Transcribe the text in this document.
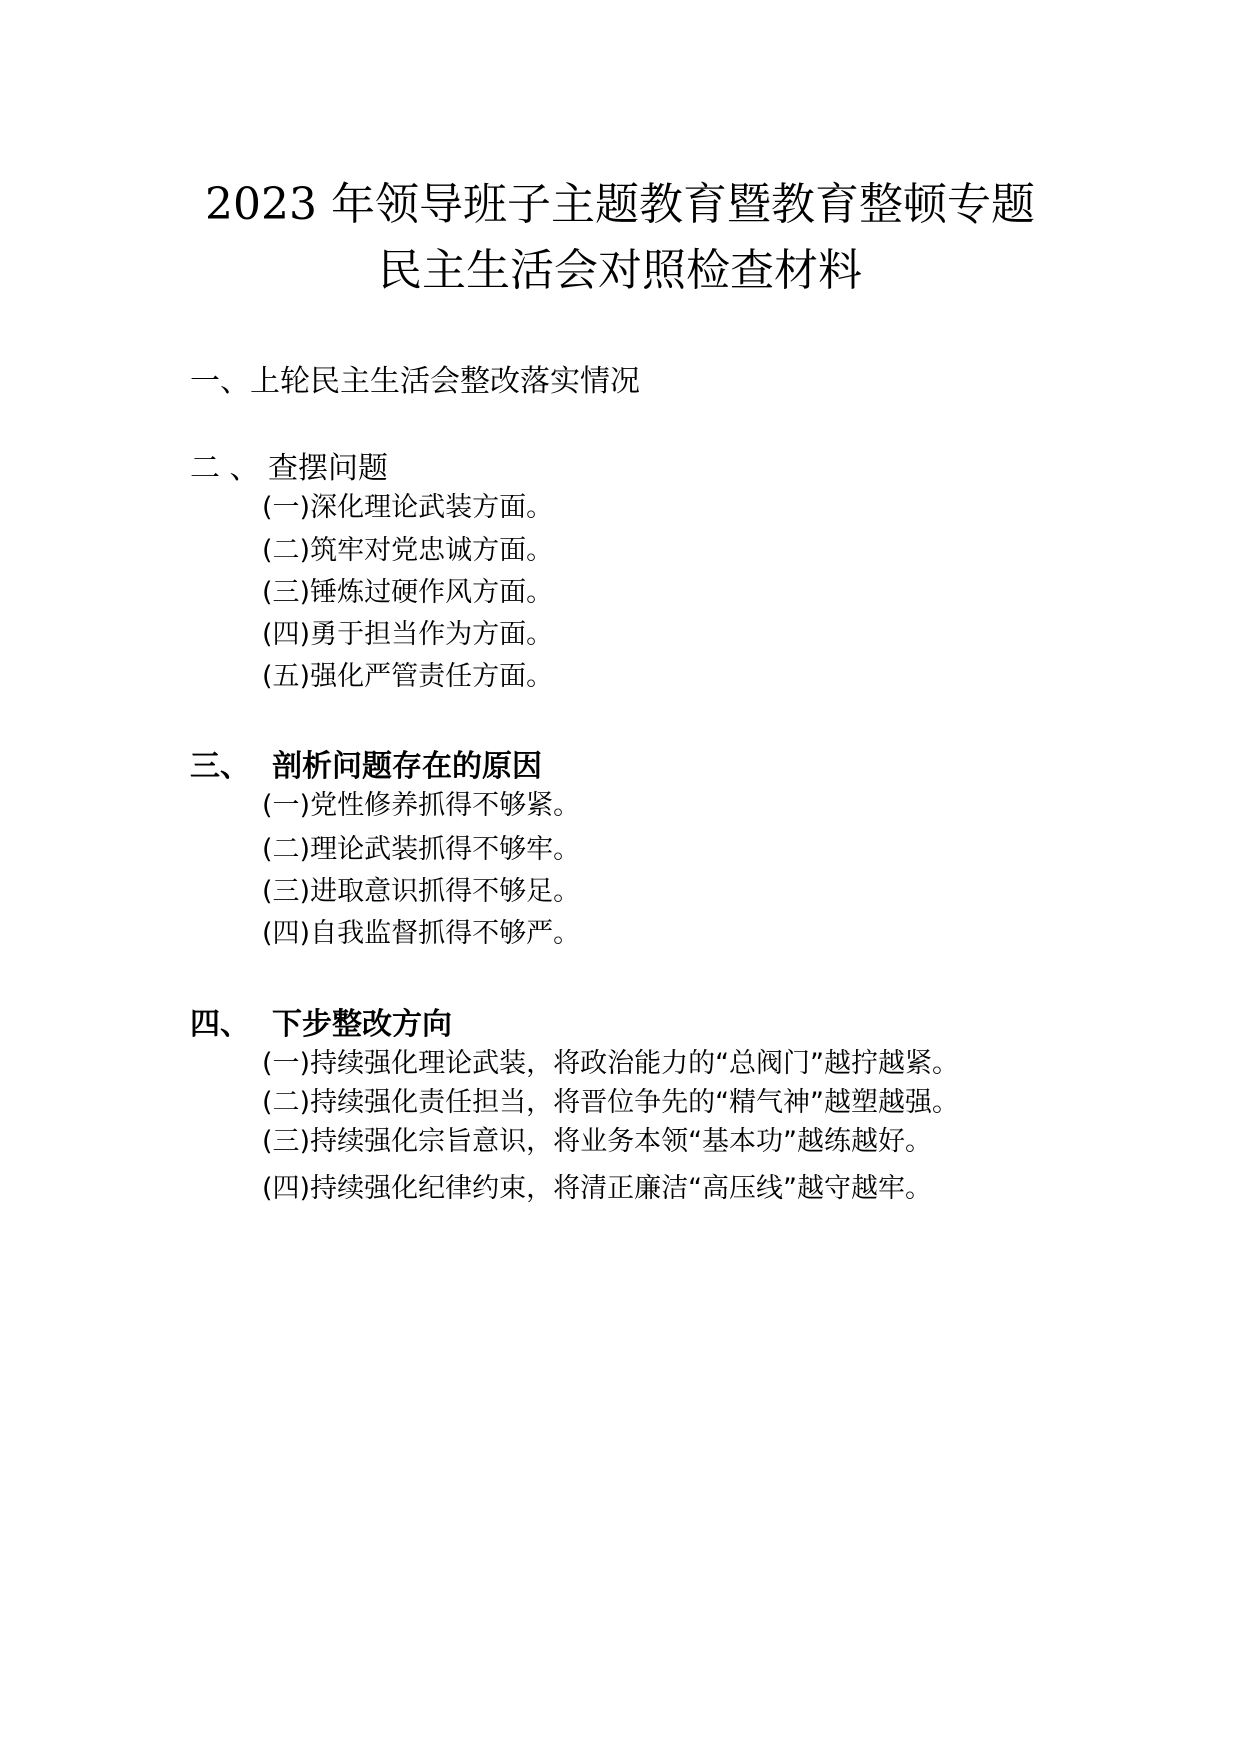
2023 年领导班子主题教育暨教育整顿专题
民主生活会对照检查材料
一、上轮民主生活会整改落实情况
二 、 查摆问题
(一)深化理论武装方面。
(二)筑牢对党忠诚方面。
(三)锤炼过硬作风方面。
(四)勇于担当作为方面。
(五)强化严管责任方面。
三、 剖析问题存在的原因
(一)党性修养抓得不够紧。
(二)理论武装抓得不够牢。
(三)进取意识抓得不够足。
(四)自我监督抓得不够严。
四、 下步整改方向
(一)持续强化理论武装，将政治能力的“总阀门”越拧越紧。
(二)持续强化责任担当，将晋位争先的“精气神”越塑越强。
(三)持续强化宗旨意识，将业务本领“基本功”越练越好。
(四)持续强化纪律约束，将清正廉洁“高压线”越守越牢。
